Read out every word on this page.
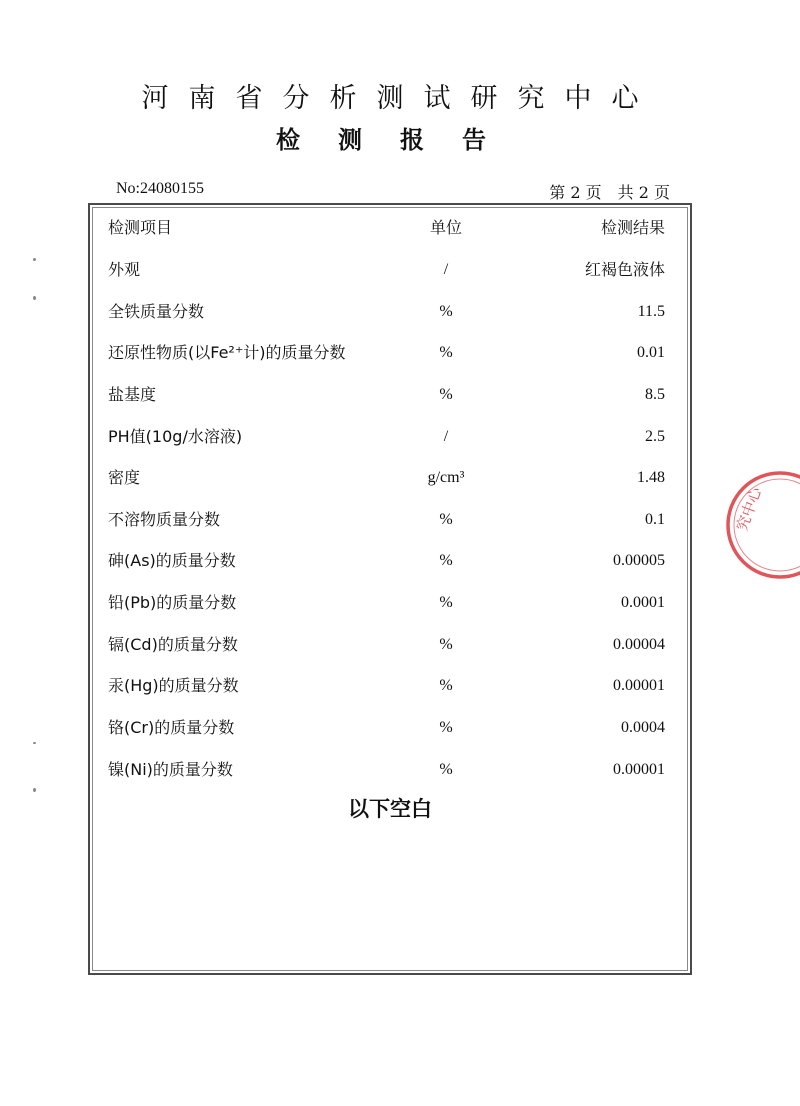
河南省分析测试研究中心
检测报告
No:24080155	第 2 页　共 2 页
检测项目	单位	检测结果
外观	/	红褐色液体
全铁质量分数	%	11.5
还原性物质(以Fe²⁺计)的质量分数	%	0.01
盐基度	%	8.5
PH值(10g/水溶液)	/	2.5
密度	g/cm³	1.48
不溶物质量分数	%	0.1
砷(As)的质量分数	%	0.00005
铅(Pb)的质量分数	%	0.0001
镉(Cd)的质量分数	%	0.00004
汞(Hg)的质量分数	%	0.00001
铬(Cr)的质量分数	%	0.0004
镍(Ni)的质量分数	%	0.00001
以下空白
究中心
